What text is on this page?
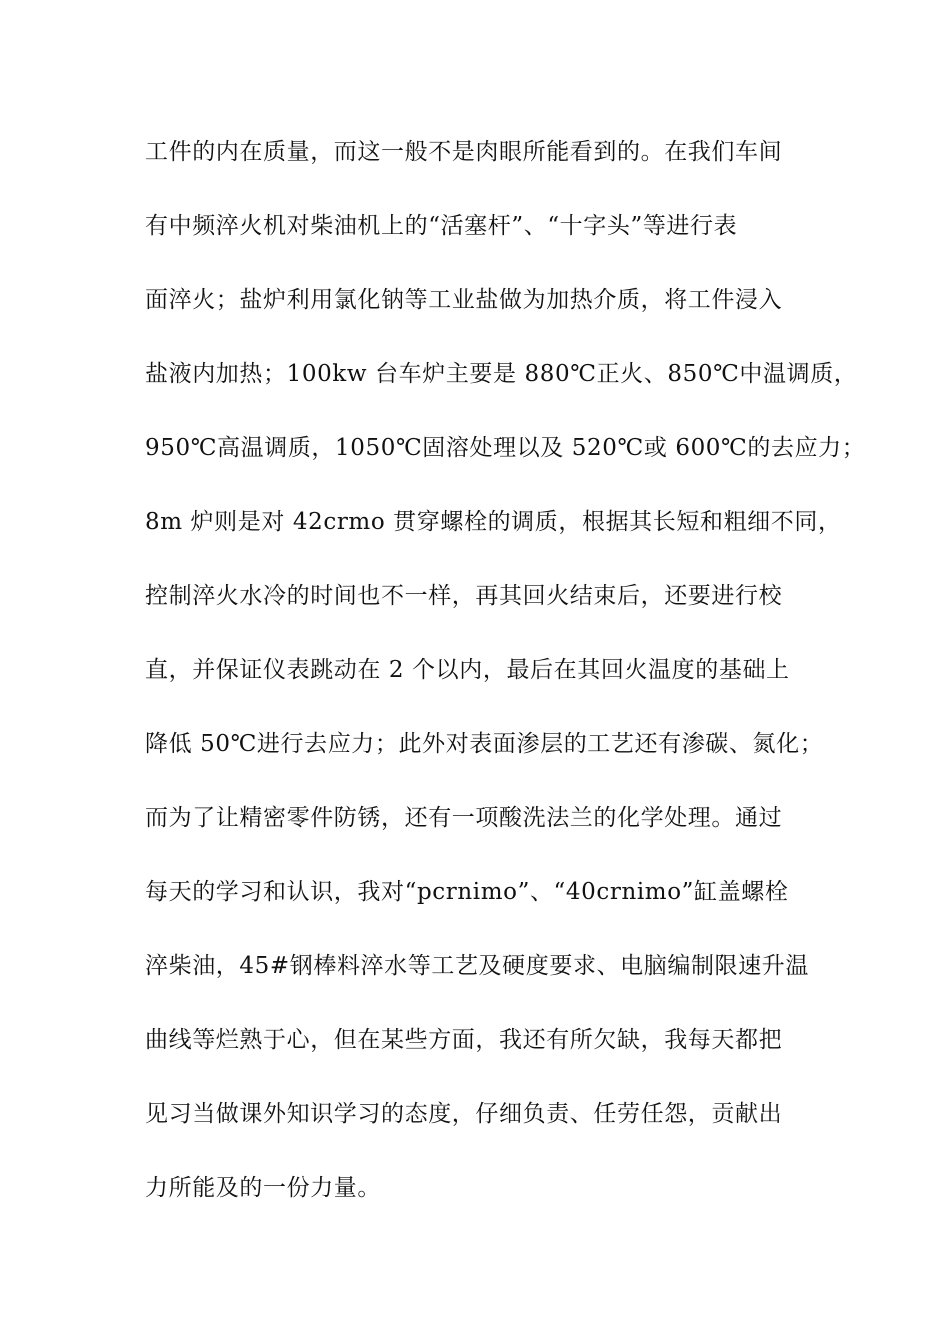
工件的内在质量，而这一般不是肉眼所能看到的。在我们车间
有中频淬火机对柴油机上的“活塞杆”、“十字头”等进行表
面淬火；盐炉利用氯化钠等工业盐做为加热介质，将工件浸入
盐液内加热；100kw 台车炉主要是 880℃正火、850℃中温调质，
950℃高温调质，1050℃固溶处理以及 520℃或 600℃的去应力；
8m 炉则是对 42crmo 贯穿螺栓的调质，根据其长短和粗细不同，
控制淬火水冷的时间也不一样，再其回火结束后，还要进行校
直，并保证仪表跳动在 2 个以内，最后在其回火温度的基础上
降低 50℃进行去应力；此外对表面渗层的工艺还有渗碳、氮化；
而为了让精密零件防锈，还有一项酸洗法兰的化学处理。通过
每天的学习和认识，我对“pcrnimo”、“40crnimo”缸盖螺栓
淬柴油，45#钢棒料淬水等工艺及硬度要求、电脑编制限速升温
曲线等烂熟于心，但在某些方面，我还有所欠缺，我每天都把
见习当做课外知识学习的态度，仔细负责、任劳任怨，贡献出
力所能及的一份力量。
